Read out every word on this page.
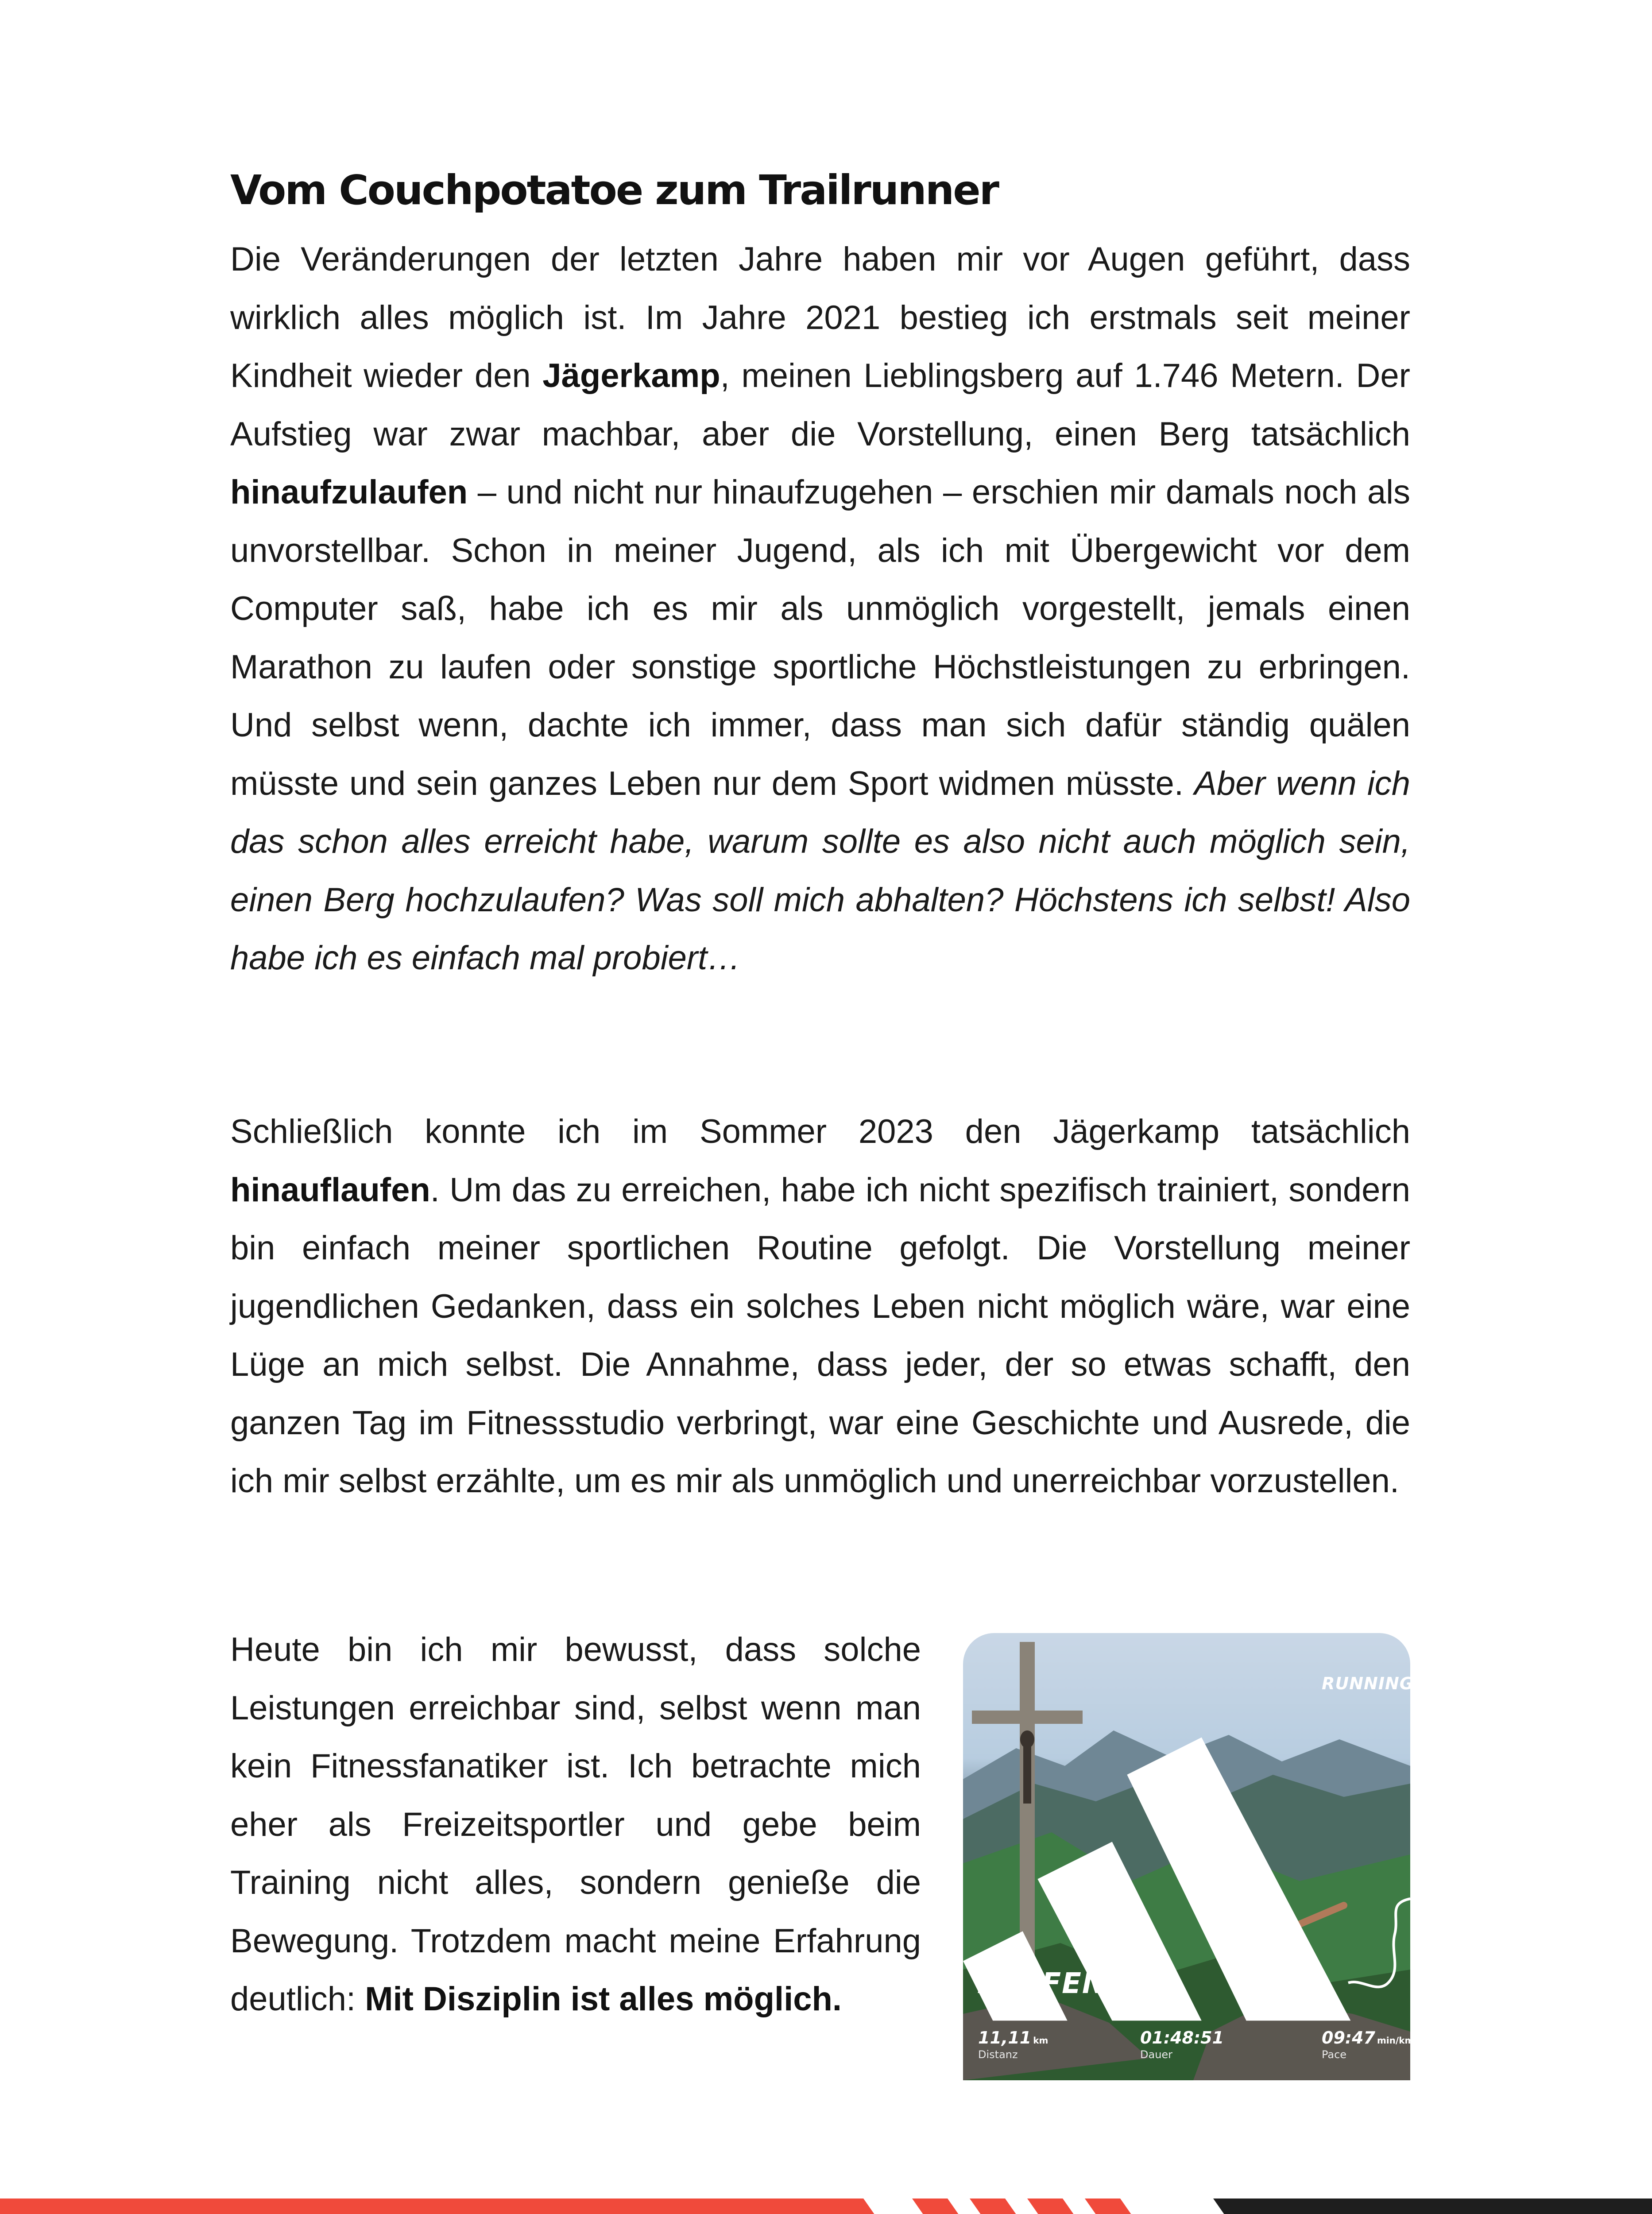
Vom Couchpotatoe zum Trailrunner

Die Veränderungen der letzten Jahre haben mir vor Augen geführt, dass wirklich alles möglich ist. Im Jahre 2021 bestieg ich erstmals seit meiner Kindheit wieder den Jägerkamp, meinen Lieblingsberg auf 1.746 Metern. Der Aufstieg war zwar machbar, aber die Vorstellung, einen Berg tatsächlich hinaufzulaufen – und nicht nur hinaufzugehen – erschien mir damals noch als unvorstellbar. Schon in meiner Jugend, als ich mit Übergewicht vor dem Computer saß, habe ich es mir als unmöglich vorgestellt, jemals einen Marathon zu laufen oder sonstige sportliche Höchstleistungen zu erbringen. Und selbst wenn, dachte ich immer, dass man sich dafür ständig quälen müsste und sein ganzes Leben nur dem Sport widmen müsste. Aber wenn ich das schon alles erreicht habe, warum sollte es also nicht auch möglich sein, einen Berg hochzulaufen? Was soll mich abhalten? Höchstens ich selbst! Also habe ich es einfach mal probiert…

Schließlich konnte ich im Sommer 2023 den Jägerkamp tatsächlich hinauflaufen. Um das zu erreichen, habe ich nicht spezifisch trainiert, sondern bin einfach meiner sportlichen Routine gefolgt. Die Vorstellung meiner jugendlichen Gedanken, dass ein solches Leben nicht möglich wäre, war eine Lüge an mich selbst. Die Annahme, dass jeder, der so etwas schafft, den ganzen Tag im Fitnessstudio verbringt, war eine Geschichte und Ausrede, die ich mir selbst erzählte, um es mir als unmöglich und unerreichbar vorzustellen.

Heute bin ich mir bewusst, dass solche Leistungen erreichbar sind, selbst wenn man kein Fitnessfanatiker ist. Ich betrachte mich eher als Freizeitsportler und gebe beim Training nicht alles, sondern genieße die Bewegung. Trotzdem macht meine Erfahrung deutlich: Mit Disziplin ist alles möglich.

RUNNING
LAUFEN
11,11 km
Distanz
01:48:51
Dauer
09:47 min/km
Pace
